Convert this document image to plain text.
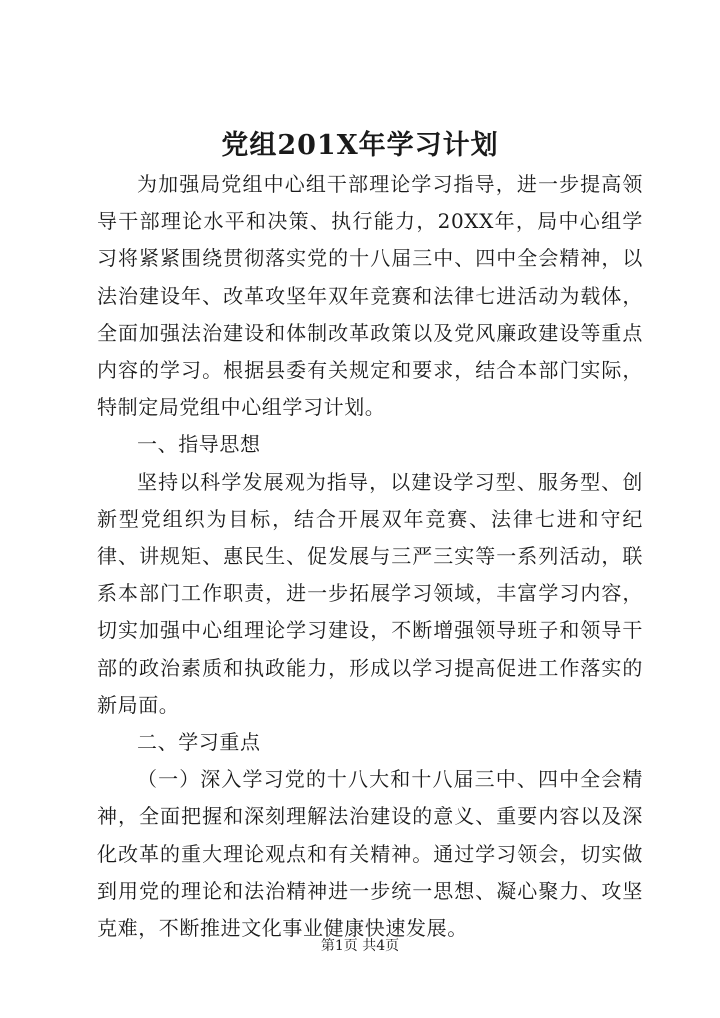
党组201X年学习计划

为加强局党组中心组干部理论学习指导，进一步提高领导干部理论水平和决策、执行能力，20XX年，局中心组学习将紧紧围绕贯彻落实党的十八届三中、四中全会精神，以法治建设年、改革攻坚年双年竞赛和法律七进活动为载体，全面加强法治建设和体制改革政策以及党风廉政建设等重点内容的学习。根据县委有关规定和要求，结合本部门实际，特制定局党组中心组学习计划。

一、指导思想

坚持以科学发展观为指导，以建设学习型、服务型、创新型党组织为目标，结合开展双年竞赛、法律七进和守纪律、讲规矩、惠民生、促发展与三严三实等一系列活动，联系本部门工作职责，进一步拓展学习领域，丰富学习内容，切实加强中心组理论学习建设，不断增强领导班子和领导干部的政治素质和执政能力，形成以学习提高促进工作落实的新局面。

二、学习重点

（一）深入学习党的十八大和十八届三中、四中全会精神，全面把握和深刻理解法治建设的意义、重要内容以及深化改革的重大理论观点和有关精神。通过学习领会，切实做到用党的理论和法治精神进一步统一思想、凝心聚力、攻坚克难，不断推进文化事业健康快速发展。

第1页 共4页
